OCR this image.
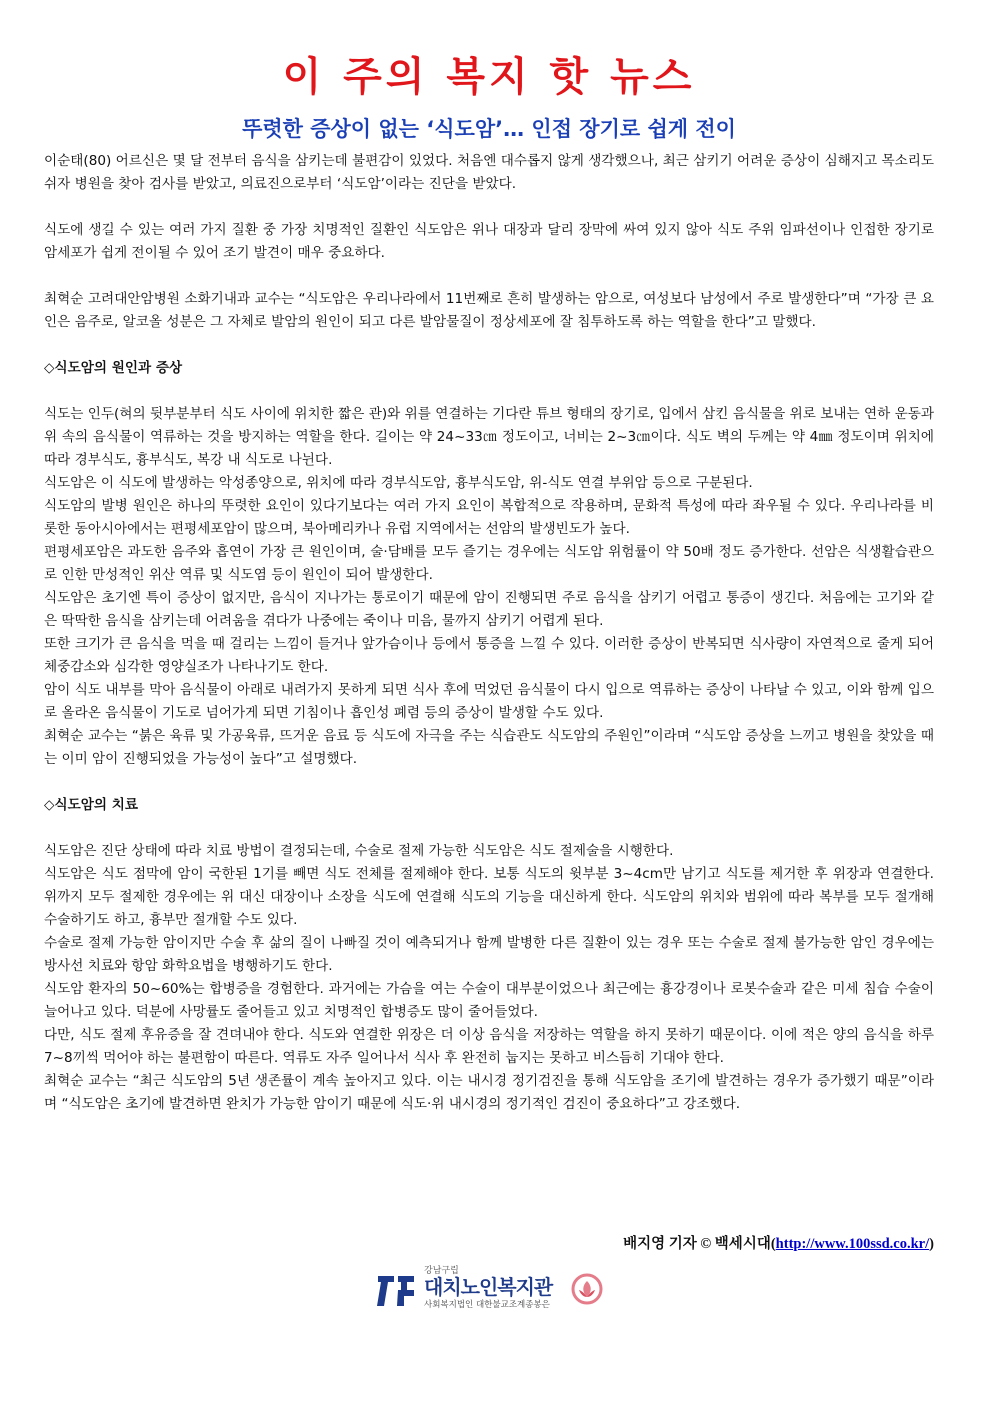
이 주의 복지 핫 뉴스
뚜렷한 증상이 없는 ‘식도암’… 인접 장기로 쉽게 전이

이순태(80) 어르신은 몇 달 전부터 음식을 삼키는데 불편감이 있었다. 처음엔 대수롭지 않게 생각했으나, 최근 삼키기 어려운 증상이 심해지고 목소리도 쉬자 병원을 찾아 검사를 받았고, 의료진으로부터 ‘식도암’이라는 진단을 받았다.

식도에 생길 수 있는 여러 가지 질환 중 가장 치명적인 질환인 식도암은 위나 대장과 달리 장막에 싸여 있지 않아 식도 주위 임파선이나 인접한 장기로 암세포가 쉽게 전이될 수 있어 조기 발견이 매우 중요하다.

최혁순 고려대안암병원 소화기내과 교수는 “식도암은 우리나라에서 11번째로 흔히 발생하는 암으로, 여성보다 남성에서 주로 발생한다”며 “가장 큰 요인은 음주로, 알코올 성분은 그 자체로 발암의 원인이 되고 다른 발암물질이 정상세포에 잘 침투하도록 하는 역할을 한다”고 말했다.

◇식도암의 원인과 증상

식도는 인두(혀의 뒷부분부터 식도 사이에 위치한 짧은 관)와 위를 연결하는 기다란 튜브 형태의 장기로, 입에서 삼킨 음식물을 위로 보내는 연하 운동과 위 속의 음식물이 역류하는 것을 방지하는 역할을 한다. 길이는 약 24~33㎝ 정도이고, 너비는 2~3㎝이다. 식도 벽의 두께는 약 4㎜ 정도이며 위치에 따라 경부식도, 흉부식도, 복강 내 식도로 나뉜다.

식도암은 이 식도에 발생하는 악성종양으로, 위치에 따라 경부식도암, 흉부식도암, 위-식도 연결 부위암 등으로 구분된다.

식도암의 발병 원인은 하나의 뚜렷한 요인이 있다기보다는 여러 가지 요인이 복합적으로 작용하며, 문화적 특성에 따라 좌우될 수 있다. 우리나라를 비롯한 동아시아에서는 편평세포암이 많으며, 북아메리카나 유럽 지역에서는 선암의 발생빈도가 높다.

편평세포암은 과도한 음주와 흡연이 가장 큰 원인이며, 술·담배를 모두 즐기는 경우에는 식도암 위험률이 약 50배 정도 증가한다. 선암은 식생활습관으로 인한 만성적인 위산 역류 및 식도염 등이 원인이 되어 발생한다.

식도암은 초기엔 특이 증상이 없지만, 음식이 지나가는 통로이기 때문에 암이 진행되면 주로 음식을 삼키기 어렵고 통증이 생긴다. 처음에는 고기와 같은 딱딱한 음식을 삼키는데 어려움을 겪다가 나중에는 죽이나 미음, 물까지 삼키기 어렵게 된다.

또한 크기가 큰 음식을 먹을 때 걸리는 느낌이 들거나 앞가슴이나 등에서 통증을 느낄 수 있다. 이러한 증상이 반복되면 식사량이 자연적으로 줄게 되어 체중감소와 심각한 영양실조가 나타나기도 한다.

암이 식도 내부를 막아 음식물이 아래로 내려가지 못하게 되면 식사 후에 먹었던 음식물이 다시 입으로 역류하는 증상이 나타날 수 있고, 이와 함께 입으로 올라온 음식물이 기도로 넘어가게 되면 기침이나 흡인성 폐렴 등의 증상이 발생할 수도 있다.

최혁순 교수는 “붉은 육류 및 가공육류, 뜨거운 음료 등 식도에 자극을 주는 식습관도 식도암의 주원인”이라며 “식도암 증상을 느끼고 병원을 찾았을 때는 이미 암이 진행되었을 가능성이 높다”고 설명했다.

◇식도암의 치료

식도암은 진단 상태에 따라 치료 방법이 결정되는데, 수술로 절제 가능한 식도암은 식도 절제술을 시행한다.

식도암은 식도 점막에 암이 국한된 1기를 빼면 식도 전체를 절제해야 한다. 보통 식도의 윗부분 3~4cm만 남기고 식도를 제거한 후 위장과 연결한다. 위까지 모두 절제한 경우에는 위 대신 대장이나 소장을 식도에 연결해 식도의 기능을 대신하게 한다. 식도암의 위치와 범위에 따라 복부를 모두 절개해 수술하기도 하고, 흉부만 절개할 수도 있다.

수술로 절제 가능한 암이지만 수술 후 삶의 질이 나빠질 것이 예측되거나 함께 발병한 다른 질환이 있는 경우 또는 수술로 절제 불가능한 암인 경우에는 방사선 치료와 항암 화학요법을 병행하기도 한다.

식도암 환자의 50~60%는 합병증을 경험한다. 과거에는 가슴을 여는 수술이 대부분이었으나 최근에는 흉강경이나 로봇수술과 같은 미세 침습 수술이 늘어나고 있다. 덕분에 사망률도 줄어들고 있고 치명적인 합병증도 많이 줄어들었다.

다만, 식도 절제 후유증을 잘 견뎌내야 한다. 식도와 연결한 위장은 더 이상 음식을 저장하는 역할을 하지 못하기 때문이다. 이에 적은 양의 음식을 하루 7~8끼씩 먹어야 하는 불편함이 따른다. 역류도 자주 일어나서 식사 후 완전히 눕지는 못하고 비스듬히 기대야 한다.

최혁순 교수는 “최근 식도암의 5년 생존률이 계속 높아지고 있다. 이는 내시경 정기검진을 통해 식도암을 조기에 발견하는 경우가 증가했기 때문”이라며 “식도암은 초기에 발견하면 완치가 가능한 암이기 때문에 식도·위 내시경의 정기적인 검진이 중요하다”고 강조했다.

배지영 기자 © 백세시대(http://www.100ssd.co.kr/)
강남구립
대치노인복지관
사회복지법인 대한불교조계종봉은
